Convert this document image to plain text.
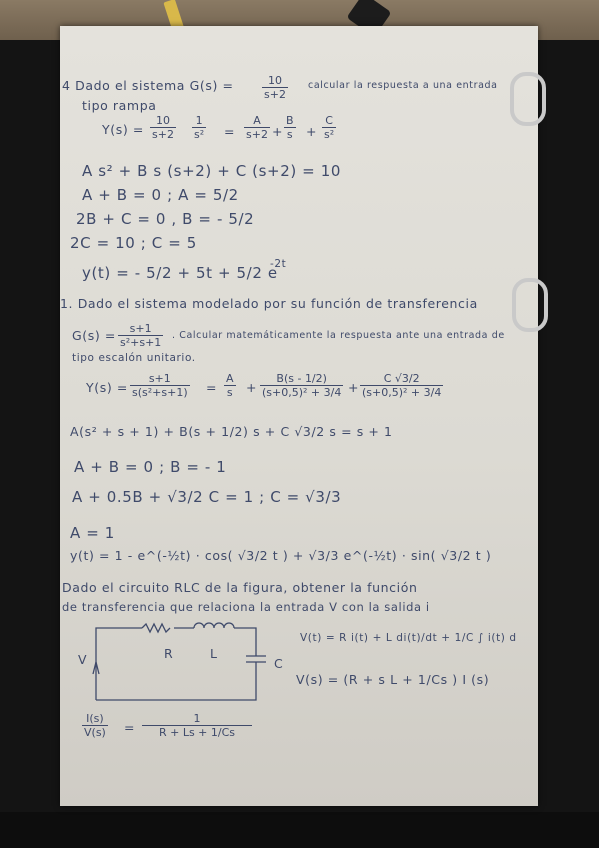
4 Dado el sistema G(s) =	$\frac{10}{s+2}$ calcular la respuesta a una entrada
tipo rampa
$Y(s) = \frac{10}{s+2} \frac{1}{\text{s²}} = \frac{A}{s+2} + \frac{B}{s} + \frac{C}{\text{s²}}$
A s² + B s (s+2) + C (s+2) = 10
A + B = 0 ; A = 5/2
2B + C = 0 , B = - 5/2
2C = 10 ; C = 5
y(t) = - 5/2 + 5t + 5/2 e
-2t
1. Dado el sistema modelado por su función de transferencia
$G(s) = \frac{s+1}{\text{s²+s+1}}$ . Calcular matemáticamente la respuesta ante una entrada de
tipo escalón unitario.
$Y(s) = \frac{s+1}{\text{s(s²+s+1)}} = \frac{A}{s} + \frac{B(s - 1/2)}{\text{(s+0,5)² + 3/4}} + \frac{C √3/2}{\text{(s+0,5)² + 3/4}}$
A(s² + s + 1) + B(s + 1/2) s + C √3/2 s = s + 1
A + B = 0 ; B = - 1
A + 0.5B + √3/2 C = 1 ; C = √3/3
A = 1
y(t) = 1 - e^(-½t) · cos( √3/2 t ) + √3/3 e^(-½t) · sin( √3/2 t )
Dado el circuito RLC de la figura, obtener la función
de transferencia que relaciona la entrada V con la salida i
V	R	L
C
V(t) = R i(t) + L di(t)/dt + 1/C ∫ i(t) d
V(s) = (R + s L + 1/Cs ) I (s)
$\frac{I(s)}{V(s)} = \frac{1}{R + Ls + 1/Cs}$
